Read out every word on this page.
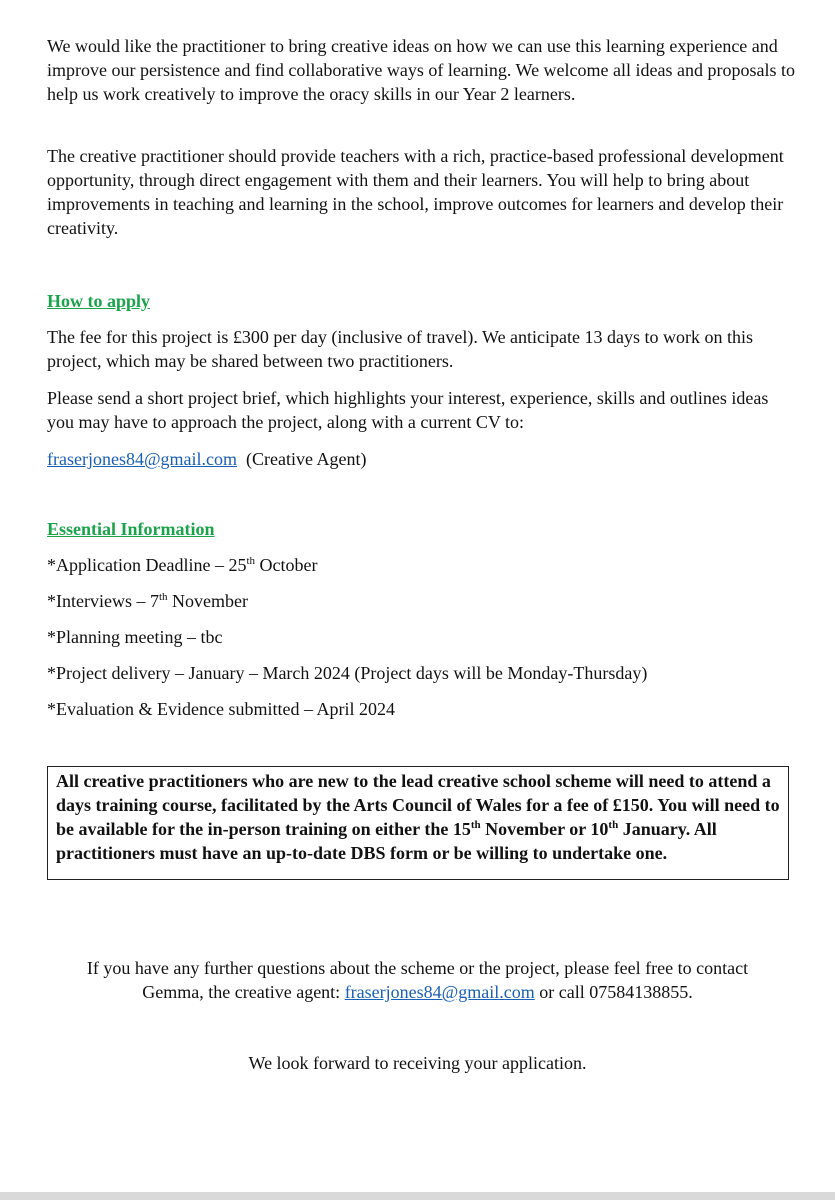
We would like the practitioner to bring creative ideas on how we can use this learning experience and improve our persistence and find collaborative ways of learning. We welcome all ideas and proposals to help us work creatively to improve the oracy skills in our Year 2 learners.

The creative practitioner should provide teachers with a rich, practice-based professional development opportunity, through direct engagement with them and their learners. You will help to bring about improvements in teaching and learning in the school, improve outcomes for learners and develop their creativity.

How to apply

The fee for this project is £300 per day (inclusive of travel). We anticipate 13 days to work on this project, which may be shared between two practitioners.

Please send a short project brief, which highlights your interest, experience, skills and outlines ideas you may have to approach the project, along with a current CV to:

fraserjones84@gmail.com (Creative Agent)

Essential Information

*Application Deadline – 25th October

*Interviews – 7th November

*Planning meeting – tbc

*Project delivery – January – March 2024 (Project days will be Monday-Thursday)

*Evaluation & Evidence submitted – April 2024

All creative practitioners who are new to the lead creative school scheme will need to attend a days training course, facilitated by the Arts Council of Wales for a fee of £150. You will need to be available for the in-person training on either the 15th November or 10th January. All practitioners must have an up-to-date DBS form or be willing to undertake one.

If you have any further questions about the scheme or the project, please feel free to contact

Gemma, the creative agent: fraserjones84@gmail.com or call 07584138855.

We look forward to receiving your application.
